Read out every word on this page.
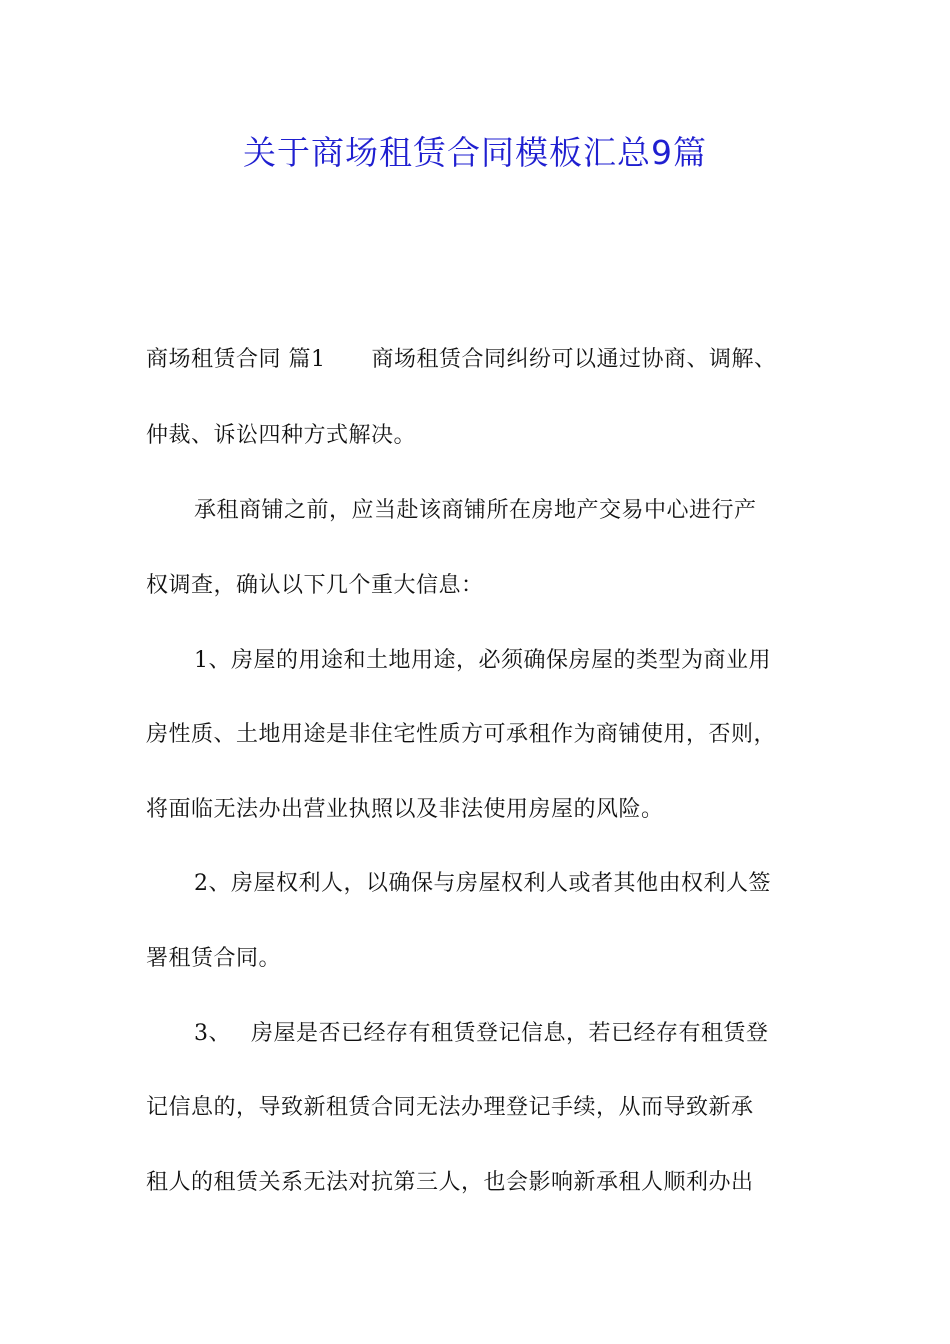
关于商场租赁合同模板汇总9篇

商场租赁合同 篇1 商场租赁合同纠纷可以通过协商、调解、

仲裁、诉讼四种方式解决。

承租商铺之前，应当赴该商铺所在房地产交易中心进行产

权调查，确认以下几个重大信息：

1、房屋的用途和土地用途，必须确保房屋的类型为商业用

房性质、土地用途是非住宅性质方可承租作为商铺使用，否则，

将面临无法办出营业执照以及非法使用房屋的风险。

2、房屋权利人，以确保与房屋权利人或者其他由权利人签

署租赁合同。

3、 房屋是否已经存有租赁登记信息，若已经存有租赁登

记信息的，导致新租赁合同无法办理登记手续，从而导致新承

租人的租赁关系无法对抗第三人，也会影响新承租人顺利办出
